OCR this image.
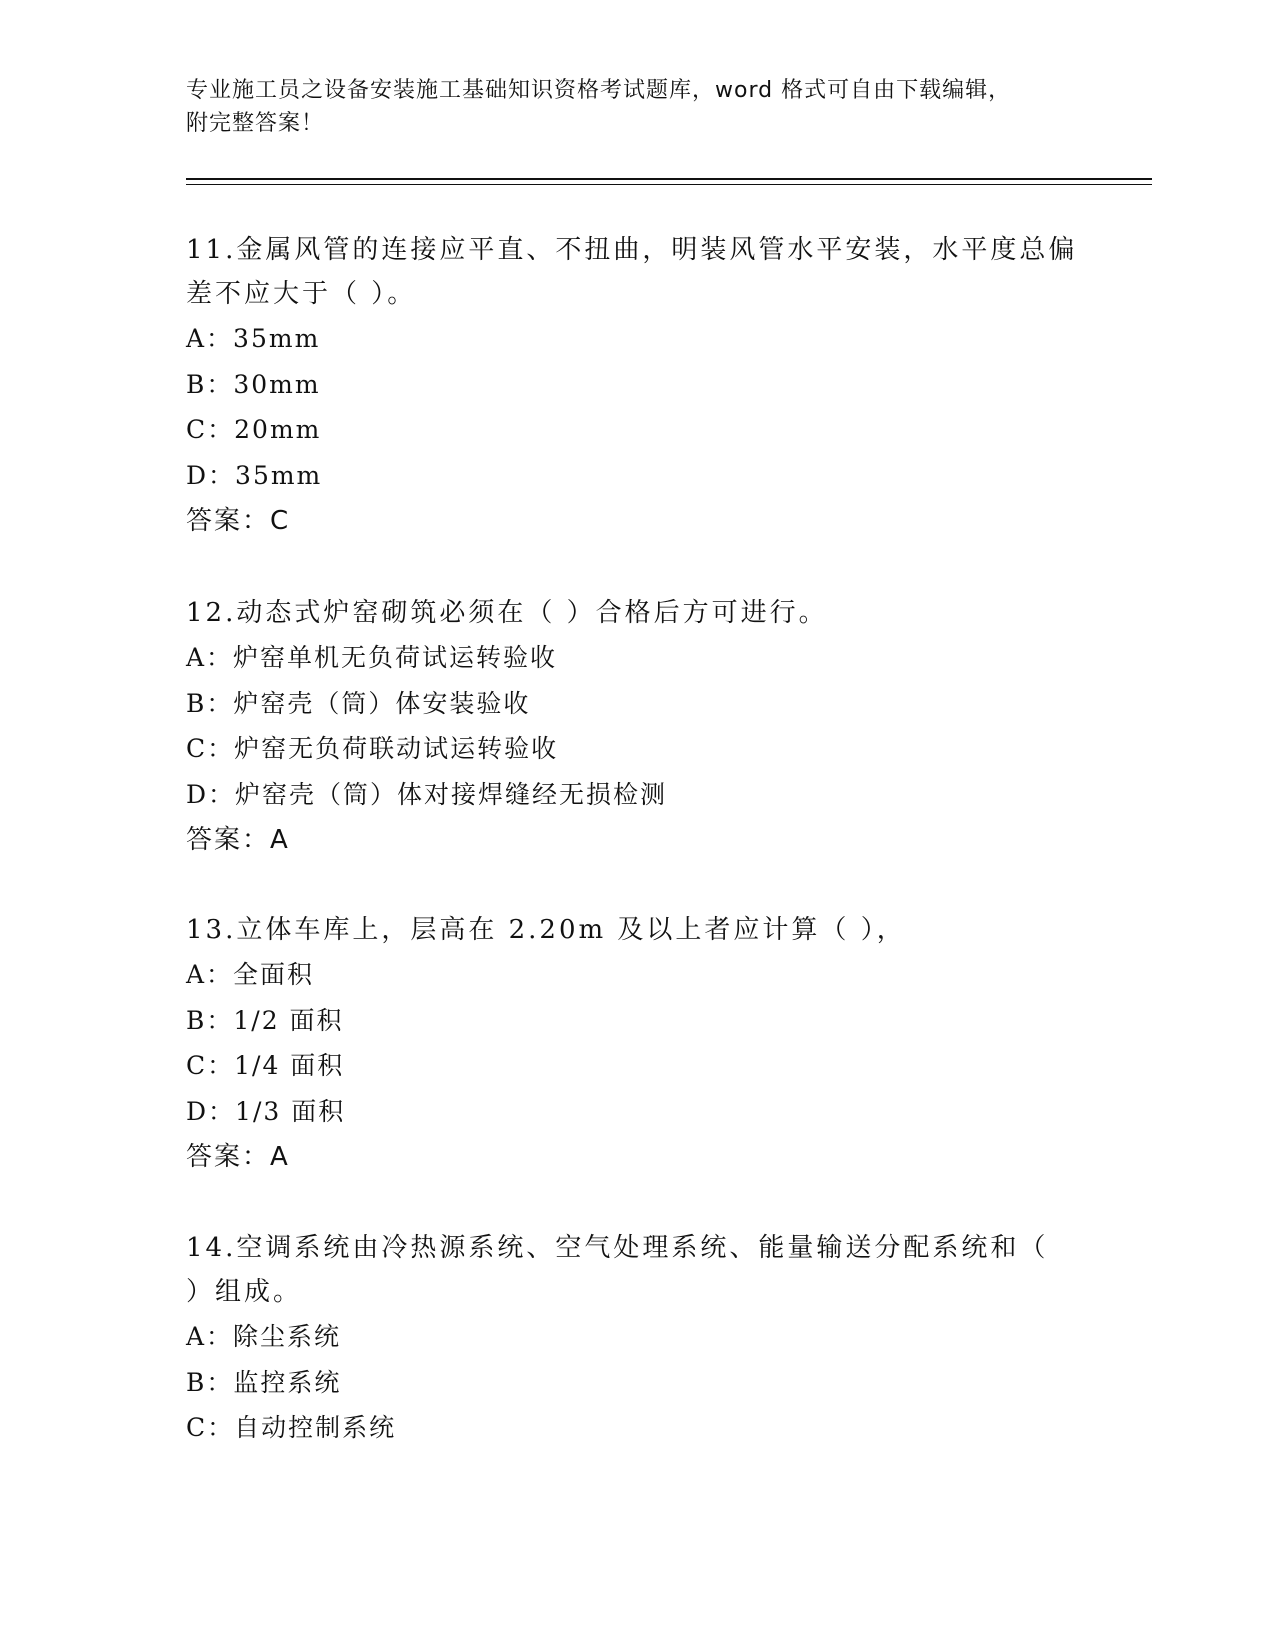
专业施工员之设备安装施工基础知识资格考试题库，word 格式可自由下载编辑，
附完整答案！
11.金属风管的连接应平直、不扭曲，明装风管水平安装，水平度总偏
差不应大于（ ）。
A：35mm
B：30mm
C：20mm
D：35mm
答案：C
12.动态式炉窑砌筑必须在（ ）合格后方可进行。
A：炉窑单机无负荷试运转验收
B：炉窑壳（筒）体安装验收
C：炉窑无负荷联动试运转验收
D：炉窑壳（筒）体对接焊缝经无损检测
答案：A
13.立体车库上，层高在 2.20m 及以上者应计算（ ），
A：全面积
B：1/2 面积
C：1/4 面积
D：1/3 面积
答案：A
14.空调系统由冷热源系统、空气处理系统、能量输送分配系统和（
）组成。
A：除尘系统
B：监控系统
C：自动控制系统
